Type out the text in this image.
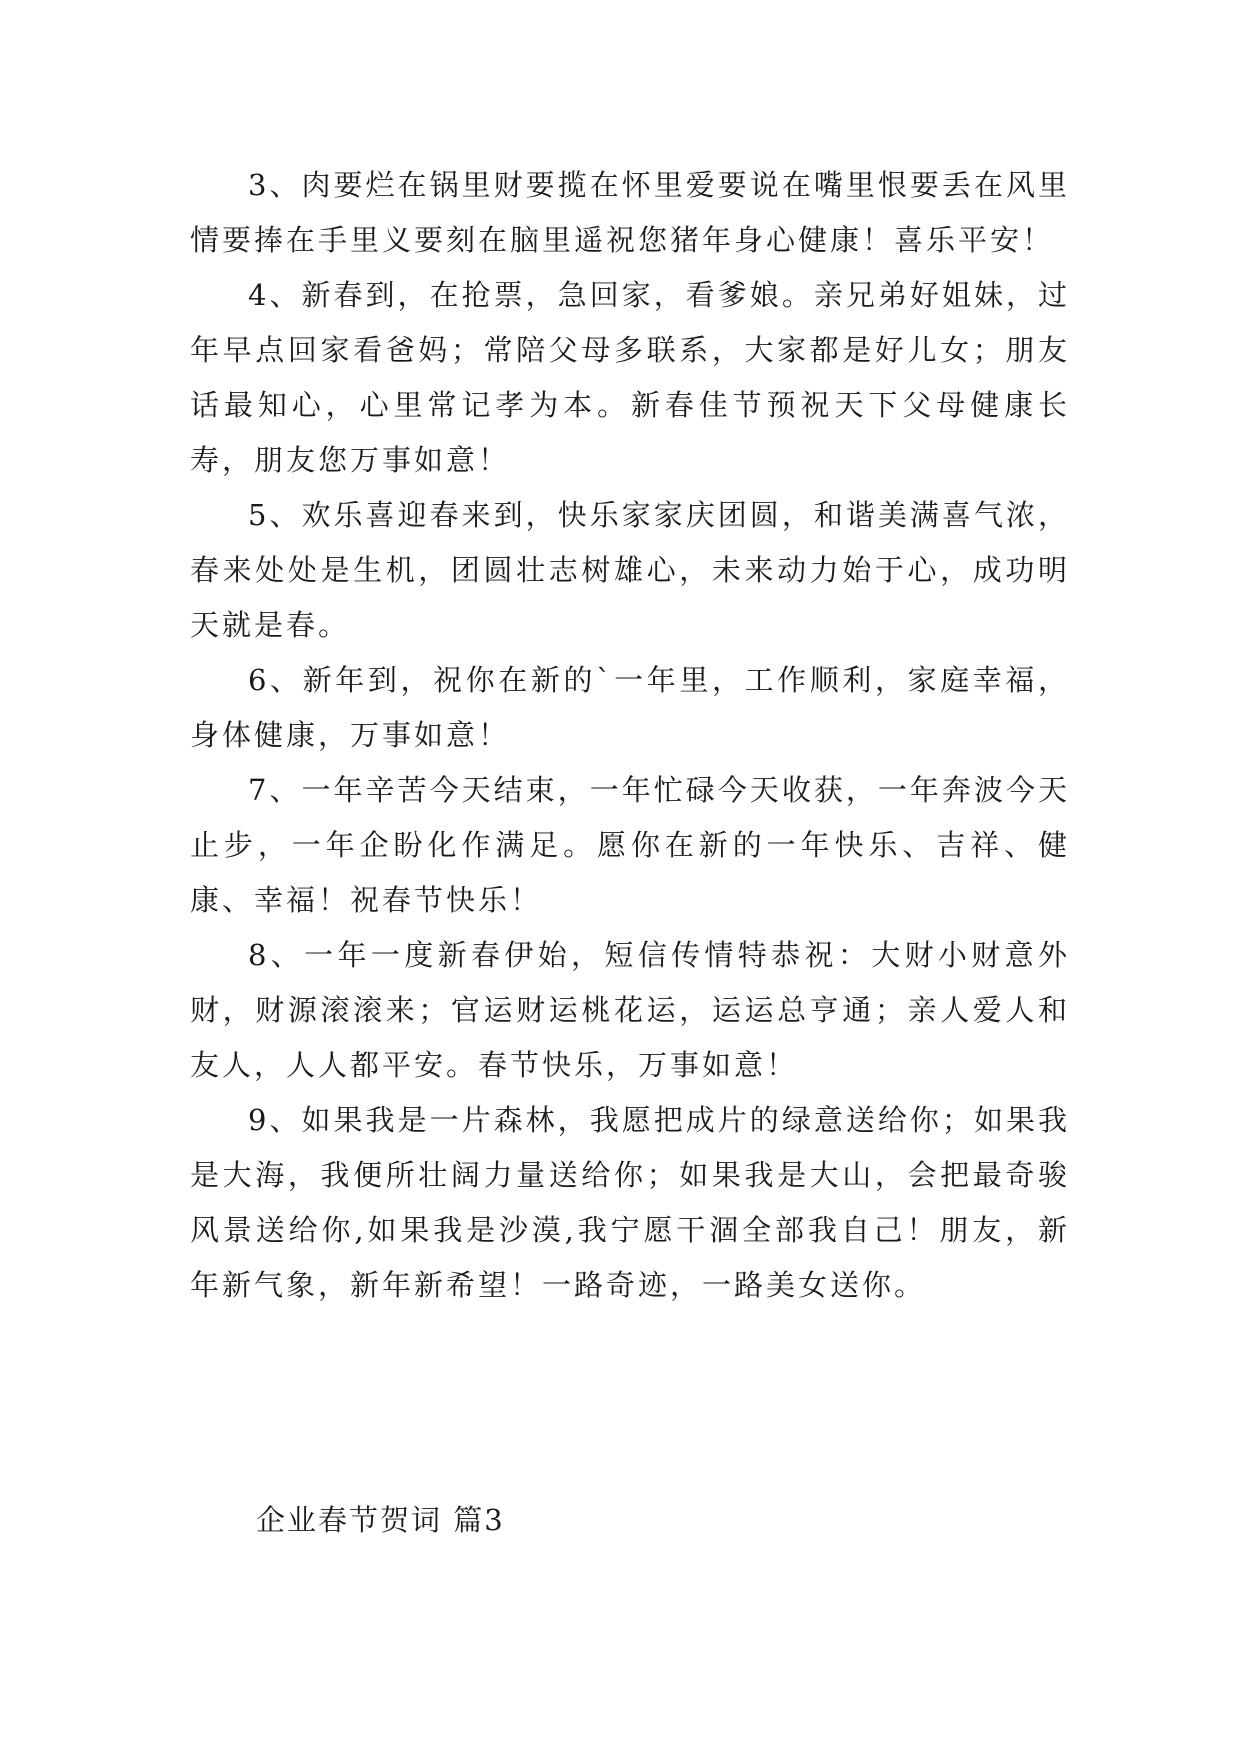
3、肉要烂在锅里财要揽在怀里爱要说在嘴里恨要丢在风里情要捧在手里义要刻在脑里遥祝您猪年身心健康！喜乐平安！

4、新春到，在抢票，急回家，看爹娘。亲兄弟好姐妹，过年早点回家看爸妈；常陪父母多联系，大家都是好儿女；朋友话最知心，心里常记孝为本。新春佳节预祝天下父母健康长寿，朋友您万事如意！

5、欢乐喜迎春来到，快乐家家庆团圆，和谐美满喜气浓，春来处处是生机，团圆壮志树雄心，未来动力始于心，成功明天就是春。

6、新年到，祝你在新的`一年里，工作顺利，家庭幸福，身体健康，万事如意！

7、一年辛苦今天结束，一年忙碌今天收获，一年奔波今天止步，一年企盼化作满足。愿你在新的一年快乐、吉祥、健康、幸福！祝春节快乐！

8、一年一度新春伊始，短信传情特恭祝：大财小财意外财，财源滚滚来；官运财运桃花运，运运总亨通；亲人爱人和友人，人人都平安。春节快乐，万事如意！

9、如果我是一片森林，我愿把成片的绿意送给你；如果我是大海，我便所壮阔力量送给你；如果我是大山，会把最奇骏风景送给你,如果我是沙漠,我宁愿干涸全部我自己！朋友，新年新气象，新年新希望！一路奇迹，一路美女送你。

企业春节贺词 篇3
